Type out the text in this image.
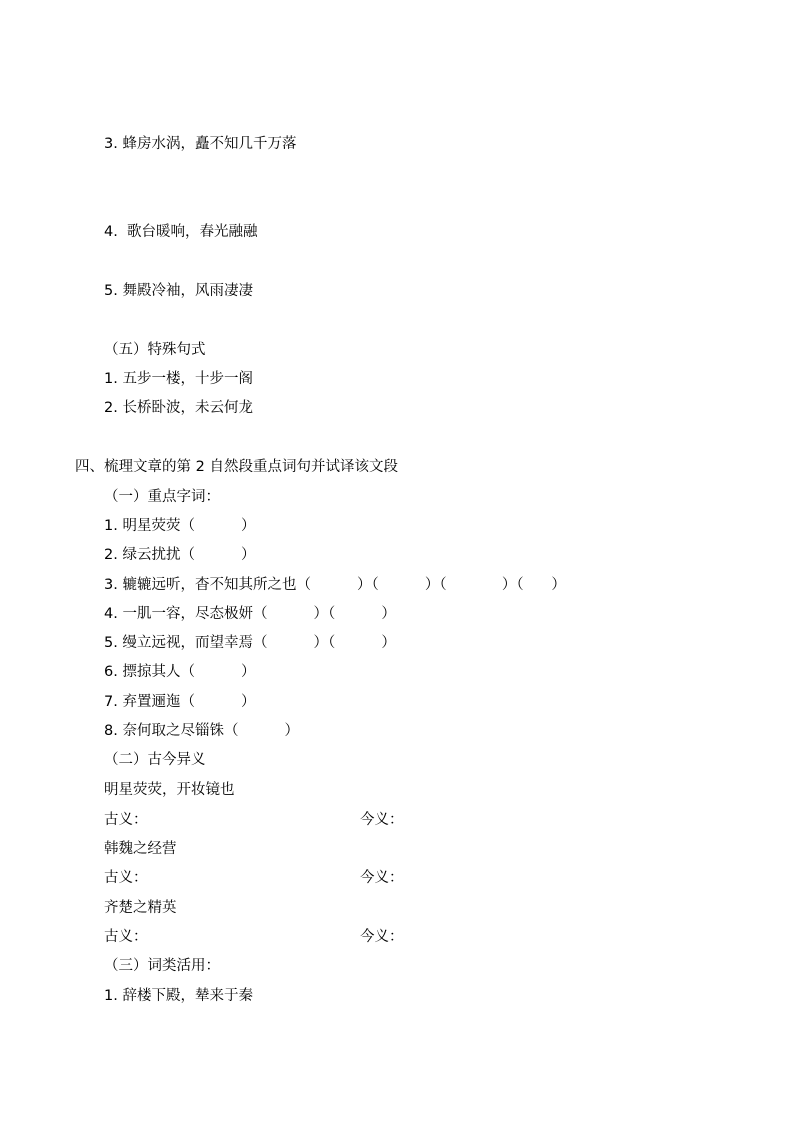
3. 蜂房水涡，矗不知几千万落
4.  歌台暖响，春光融融
5. 舞殿冷袖，风雨凄凄
（五）特殊句式
1. 五步一楼，十步一阁
2. 长桥卧波，未云何龙
四、梳理文章的第 2 自然段重点词句并试译该文段
（一）重点字词：
1. 明星荧荧（          ）
2. 绿云扰扰（          ）
3. 辘辘远听，杳不知其所之也（          ）（          ）（            ）（      ）
4. 一肌一容，尽态极妍（          ）（          ）
5. 缦立远视，而望幸焉（          ）（          ）
6. 摽掠其人（          ）
7. 弃置逦迤（          ）
8. 奈何取之尽锱铢（          ）
（二）古今异义
明星荧荧，开妆镜也
古义：	今义：
韩魏之经营
古义：	今义：
齐楚之精英
古义：	今义：
（三）词类活用：
1. 辞楼下殿，辇来于秦
